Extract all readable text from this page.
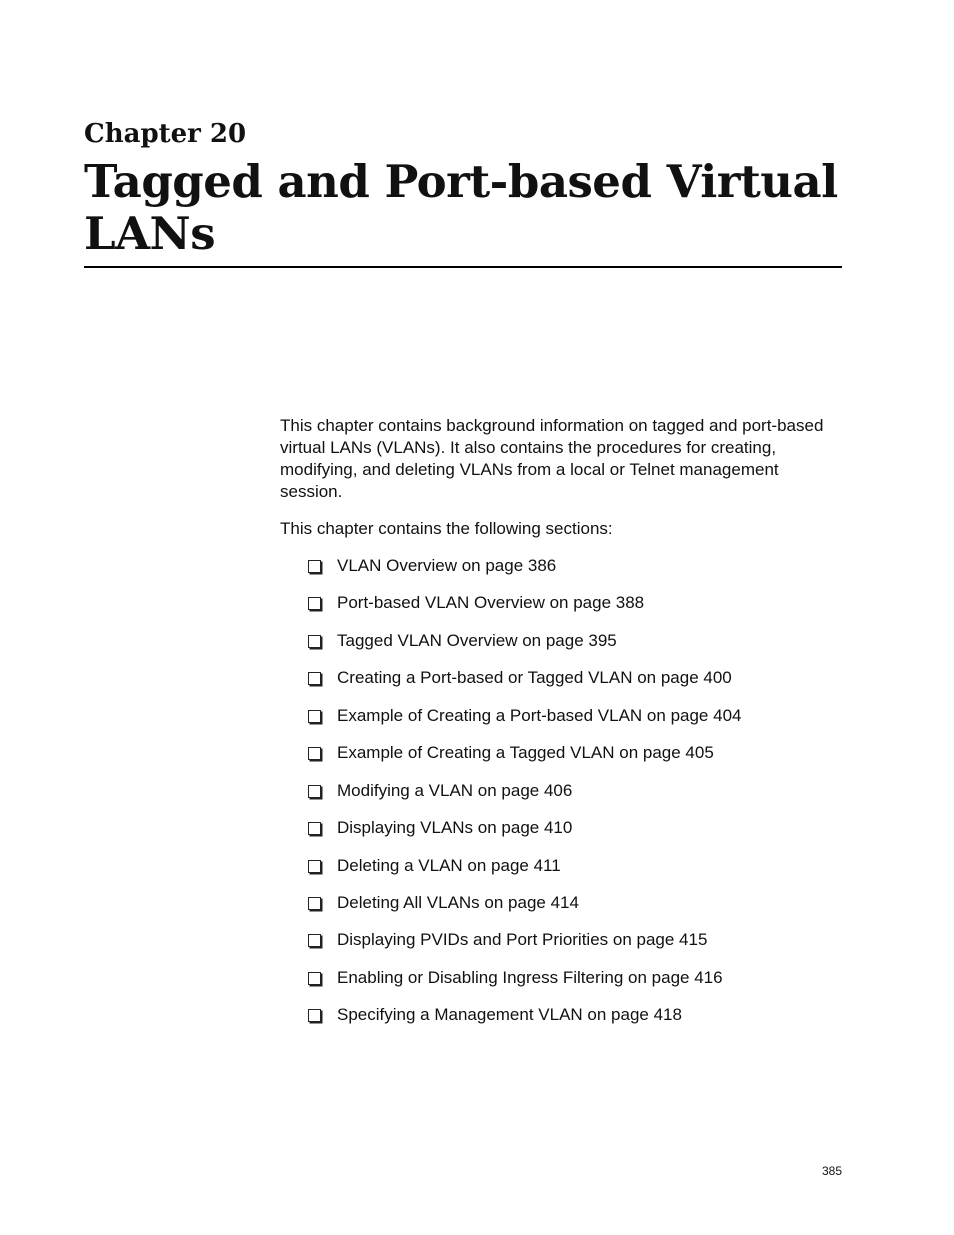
Chapter 20
Tagged and Port-based Virtual LANs

This chapter contains background information on tagged and port-based virtual LANs (VLANs). It also contains the procedures for creating, modifying, and deleting VLANs from a local or Telnet management session.

This chapter contains the following sections:

VLAN Overview on page 386
Port-based VLAN Overview on page 388
Tagged VLAN Overview on page 395
Creating a Port-based or Tagged VLAN on page 400
Example of Creating a Port-based VLAN on page 404
Example of Creating a Tagged VLAN on page 405
Modifying a VLAN on page 406
Displaying VLANs on page 410
Deleting a VLAN on page 411
Deleting All VLANs on page 414
Displaying PVIDs and Port Priorities on page 415
Enabling or Disabling Ingress Filtering on page 416
Specifying a Management VLAN on page 418

385
